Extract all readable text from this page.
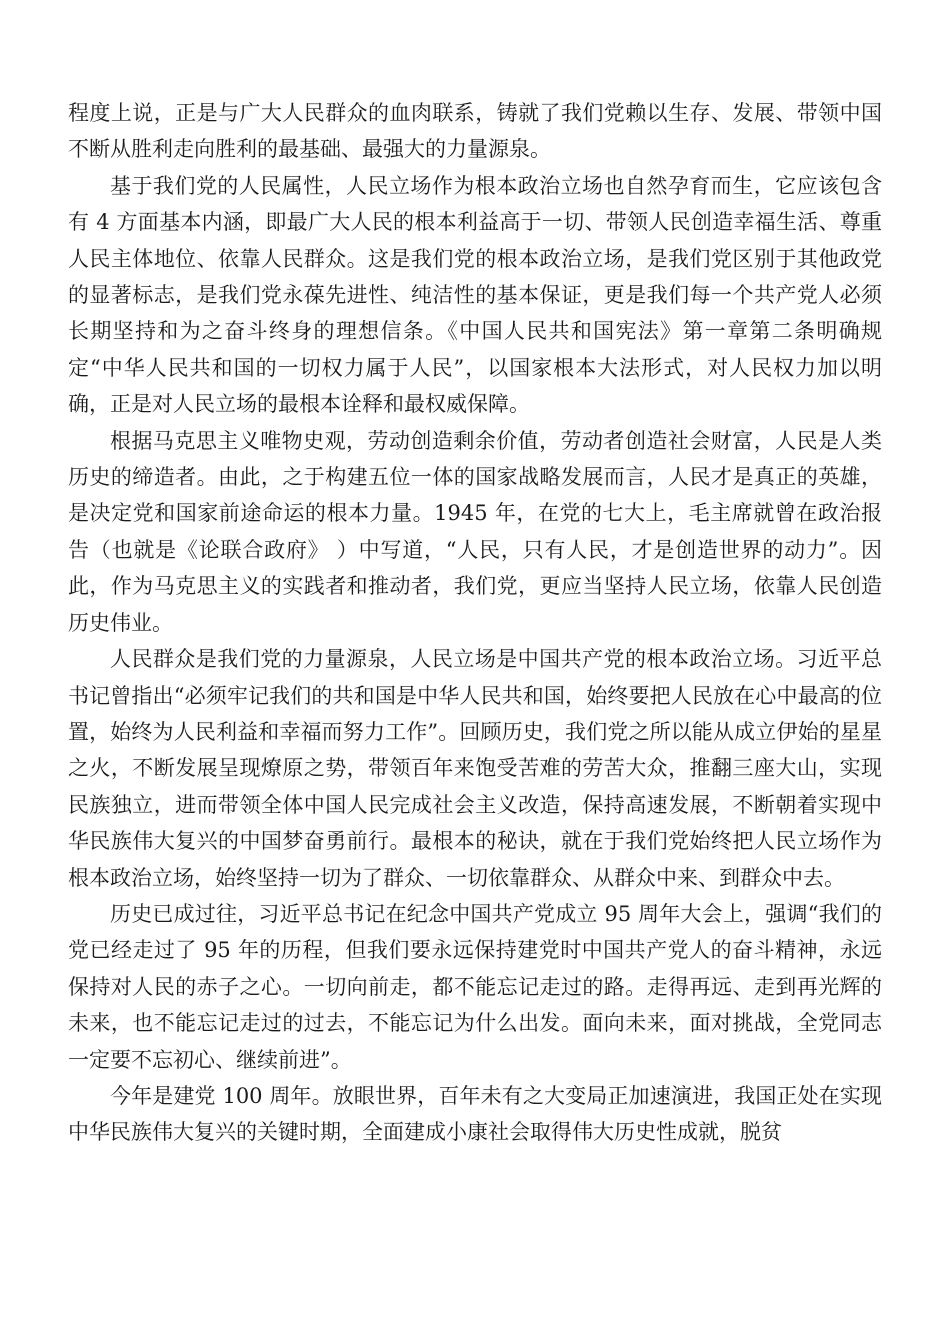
程度上说，正是与广大人民群众的血肉联系，铸就了我们党赖以生存、发展、带领中国不断从胜利走向胜利的最基础、最强大的力量源泉。

基于我们党的人民属性，人民立场作为根本政治立场也自然孕育而生，它应该包含有 4 方面基本内涵，即最广大人民的根本利益高于一切、带领人民创造幸福生活、尊重人民主体地位、依靠人民群众。这是我们党的根本政治立场，是我们党区别于其他政党的显著标志，是我们党永葆先进性、纯洁性的基本保证，更是我们每一个共产党人必须长期坚持和为之奋斗终身的理想信条。《中国人民共和国宪法》第一章第二条明确规定“中华人民共和国的一切权力属于人民”，以国家根本大法形式，对人民权力加以明确，正是对人民立场的最根本诠释和最权威保障。

根据马克思主义唯物史观，劳动创造剩余价值，劳动者创造社会财富，人民是人类历史的缔造者。由此，之于构建五位一体的国家战略发展而言，人民才是真正的英雄，是决定党和国家前途命运的根本力量。1945 年，在党的七大上，毛主席就曾在政治报告（也就是《论联合政府》 ）中写道，“人民，只有人民，才是创造世界的动力”。因此，作为马克思主义的实践者和推动者，我们党，更应当坚持人民立场，依靠人民创造历史伟业。

人民群众是我们党的力量源泉，人民立场是中国共产党的根本政治立场。习近平总书记曾指出“必须牢记我们的共和国是中华人民共和国，始终要把人民放在心中最高的位置，始终为人民利益和幸福而努力工作”。回顾历史，我们党之所以能从成立伊始的星星之火，不断发展呈现燎原之势，带领百年来饱受苦难的劳苦大众，推翻三座大山，实现民族独立，进而带领全体中国人民完成社会主义改造，保持高速发展，不断朝着实现中华民族伟大复兴的中国梦奋勇前行。最根本的秘诀，就在于我们党始终把人民立场作为根本政治立场，始终坚持一切为了群众、一切依靠群众、从群众中来、到群众中去。

历史已成过往，习近平总书记在纪念中国共产党成立 95 周年大会上，强调“我们的党已经走过了 95 年的历程，但我们要永远保持建党时中国共产党人的奋斗精神，永远保持对人民的赤子之心。一切向前走，都不能忘记走过的路。走得再远、走到再光辉的未来，也不能忘记走过的过去，不能忘记为什么出发。面向未来，面对挑战，全党同志一定要不忘初心、继续前进”。

今年是建党 100 周年。放眼世界，百年未有之大变局正加速演进，我国正处在实现中华民族伟大复兴的关键时期，全面建成小康社会取得伟大历史性成就，脱贫
